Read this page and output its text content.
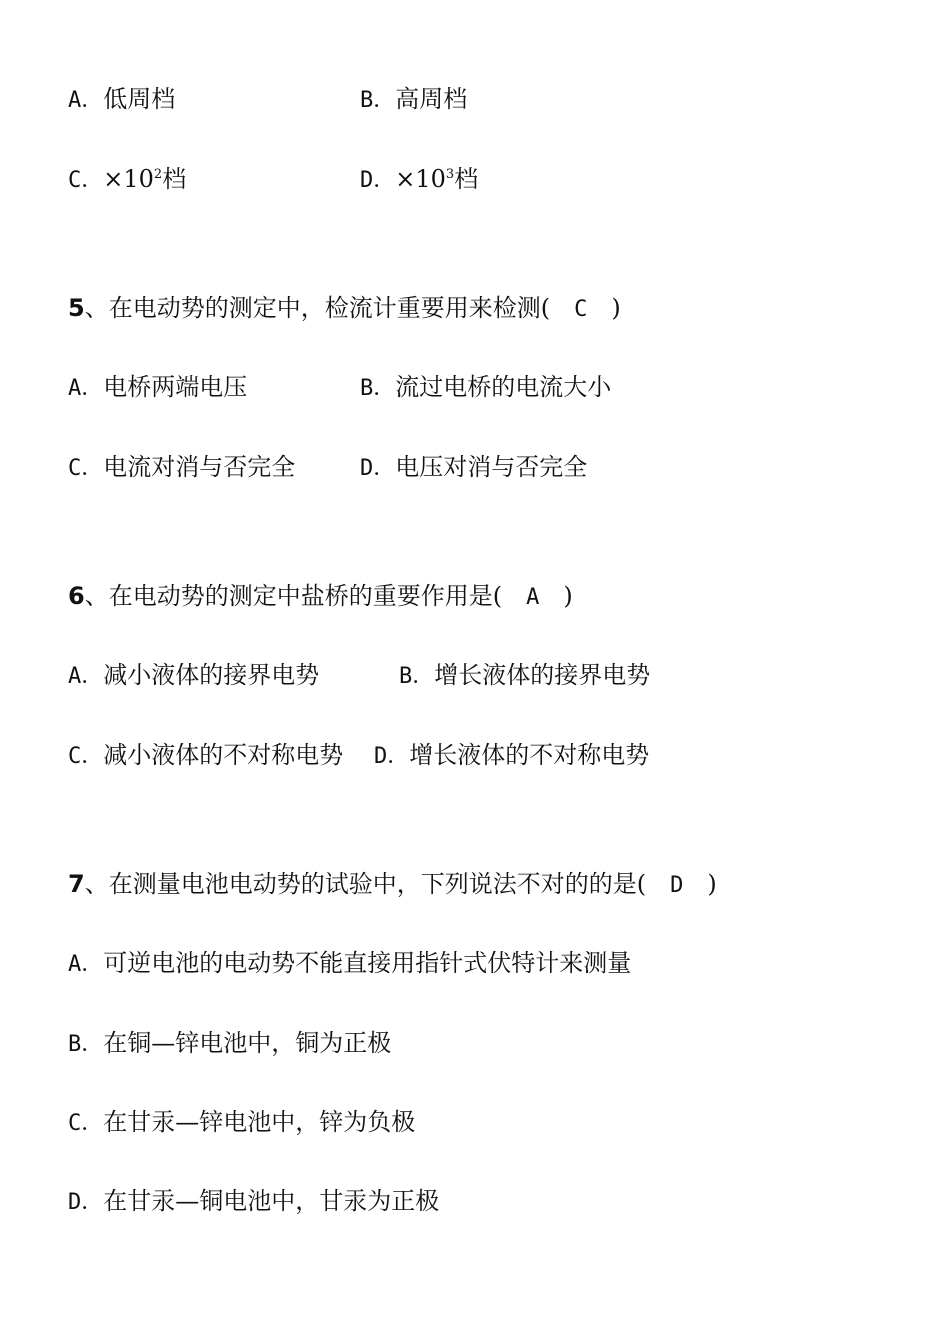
A．低周档	B．高周档
C．$\times 10^2$档	D．$\times 10^3$档
5、在电动势的测定中，检流计重要用来检测( C )
A．电桥两端电压	B．流过电桥的电流大小
C．电流对消与否完全	D．电压对消与否完全
6、在电动势的测定中盐桥的重要作用是( A )
A．减小液体的接界电势	B．增长液体的接界电势
C．减小液体的不对称电势 D．增长液体的不对称电势
7、在测量电池电动势的试验中，下列说法不对的的是( D )
A．可逆电池的电动势不能直接用指针式伏特计来测量
B．在铜—锌电池中，铜为正极
C．在甘汞—锌电池中，锌为负极
D．在甘汞—铜电池中，甘汞为正极
